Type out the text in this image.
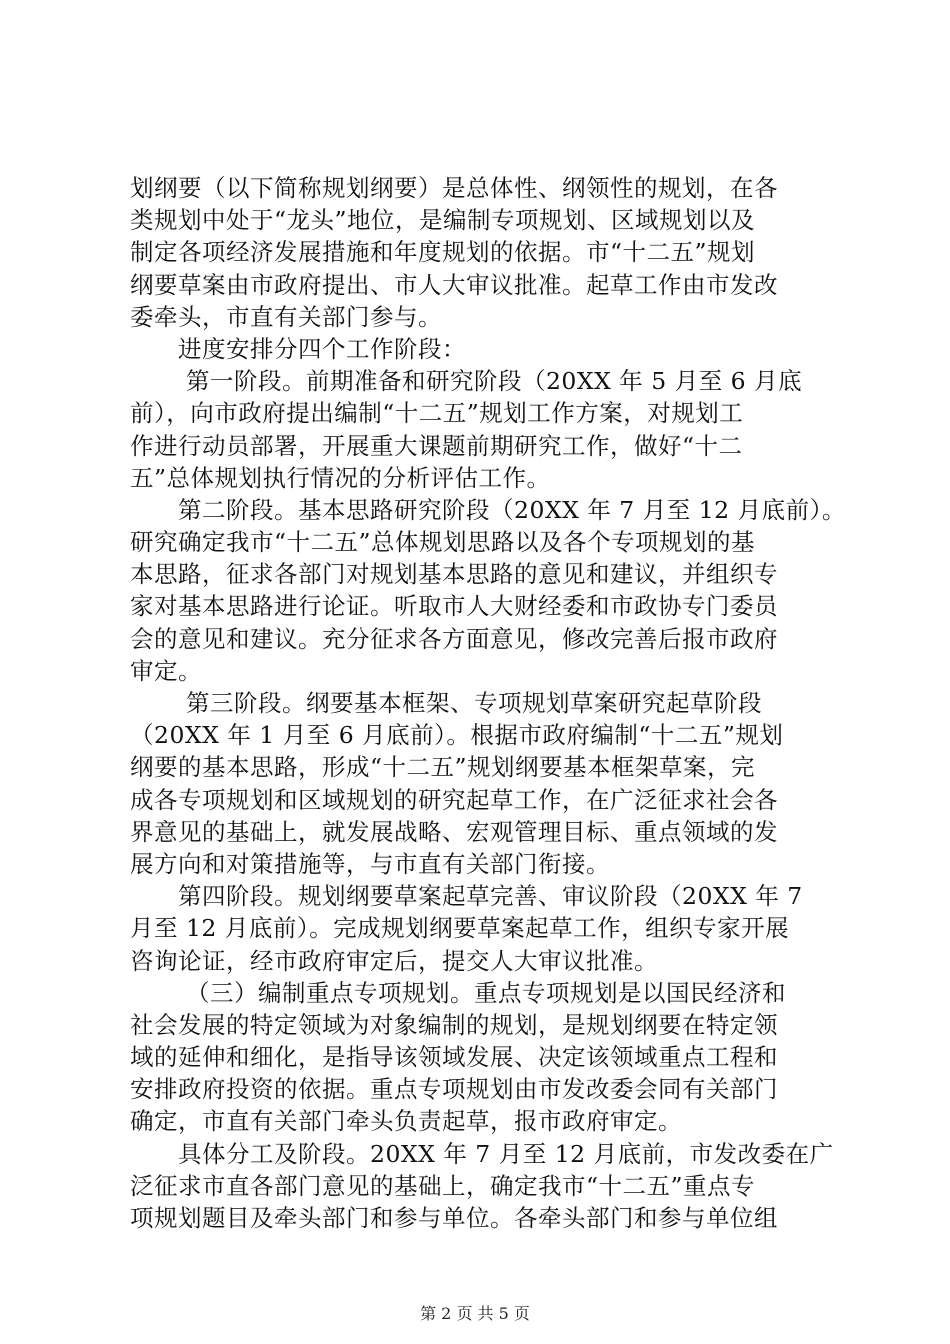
划纲要（以下简称规划纲要）是总体性、纲领性的规划，在各
类规划中处于“龙头”地位，是编制专项规划、区域规划以及
制定各项经济发展措施和年度规划的依据。市“十二五”规划
纲要草案由市政府提出、市人大审议批准。起草工作由市发改
委牵头，市直有关部门参与。
　　进度安排分四个工作阶段：
　　 第一阶段。前期准备和研究阶段（20XX 年 5 月至 6 月底
前），向市政府提出编制“十二五”规划工作方案，对规划工
作进行动员部署，开展重大课题前期研究工作，做好“十二
五”总体规划执行情况的分析评估工作。
　　第二阶段。基本思路研究阶段（20XX 年 7 月至 12 月底前）。
研究确定我市“十二五”总体规划思路以及各个专项规划的基
本思路，征求各部门对规划基本思路的意见和建议，并组织专
家对基本思路进行论证。听取市人大财经委和市政协专门委员
会的意见和建议。充分征求各方面意见，修改完善后报市政府
审定。
　　 第三阶段。纲要基本框架、专项规划草案研究起草阶段
（20XX 年 1 月至 6 月底前）。根据市政府编制“十二五”规划
纲要的基本思路，形成“十二五”规划纲要基本框架草案，完
成各专项规划和区域规划的研究起草工作，在广泛征求社会各
界意见的基础上，就发展战略、宏观管理目标、重点领域的发
展方向和对策措施等，与市直有关部门衔接。
　　第四阶段。规划纲要草案起草完善、审议阶段（20XX 年 7
月至 12 月底前）。完成规划纲要草案起草工作，组织专家开展
咨询论证，经市政府审定后，提交人大审议批准。
　　 （三）编制重点专项规划。重点专项规划是以国民经济和
社会发展的特定领域为对象编制的规划，是规划纲要在特定领
域的延伸和细化，是指导该领域发展、决定该领域重点工程和
安排政府投资的依据。重点专项规划由市发改委会同有关部门
确定，市直有关部门牵头负责起草，报市政府审定。
　　具体分工及阶段。20XX 年 7 月至 12 月底前，市发改委在广
泛征求市直各部门意见的基础上，确定我市“十二五”重点专
项规划题目及牵头部门和参与单位。各牵头部门和参与单位组
第 2 页 共 5 页
